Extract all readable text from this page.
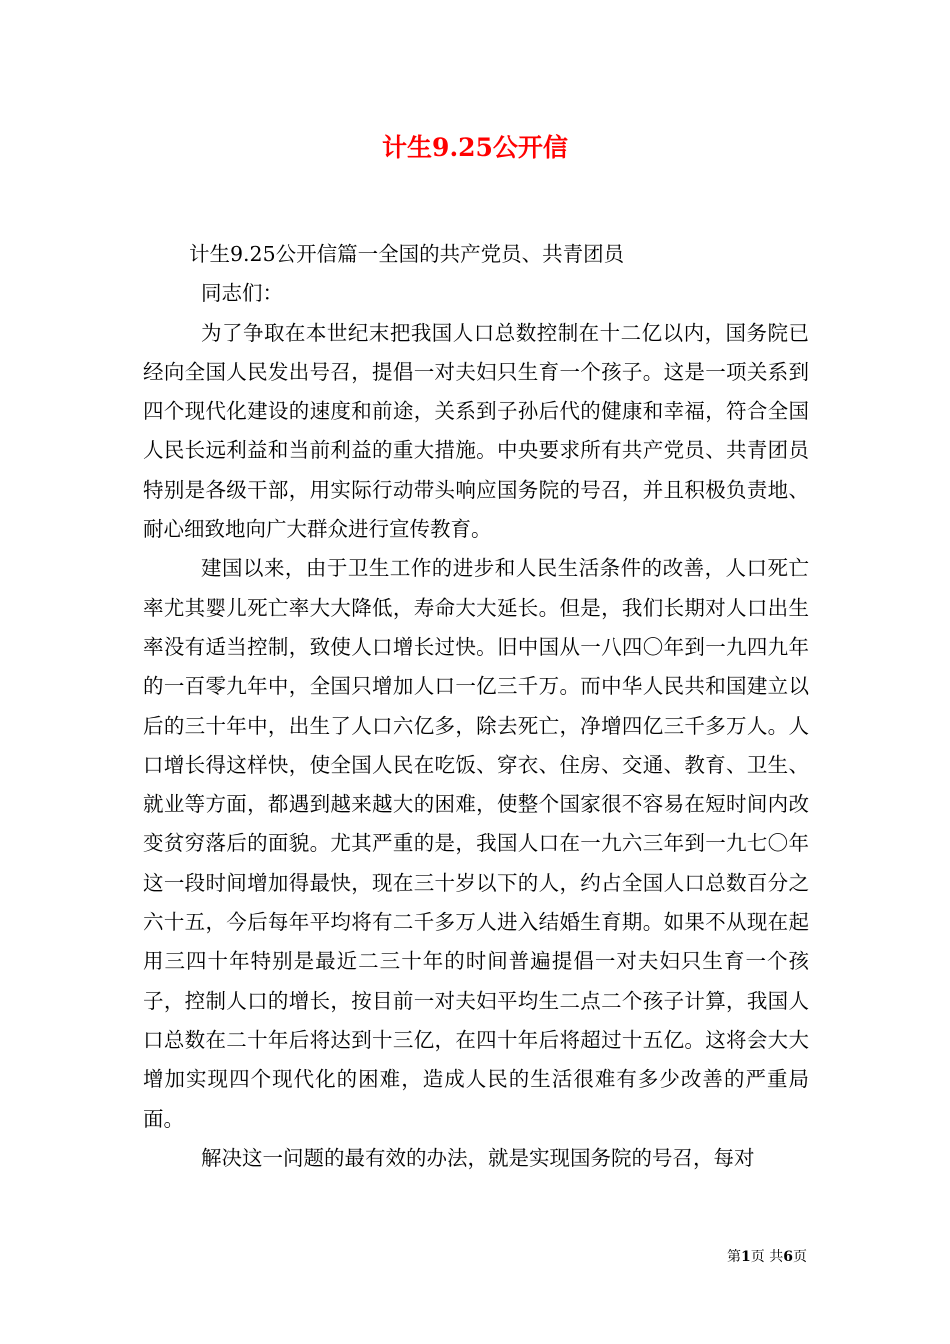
计生9.25公开信

计生9.25公开信篇一全国的共产党员、共青团员

同志们：

为了争取在本世纪末把我国人口总数控制在十二亿以内，国务院已经向全国人民发出号召，提倡一对夫妇只生育一个孩子。这是一项关系到四个现代化建设的速度和前途，关系到子孙后代的健康和幸福，符合全国人民长远利益和当前利益的重大措施。中央要求所有共产党员、共青团员特别是各级干部，用实际行动带头响应国务院的号召，并且积极负责地、耐心细致地向广大群众进行宣传教育。

建国以来，由于卫生工作的进步和人民生活条件的改善，人口死亡率尤其婴儿死亡率大大降低，寿命大大延长。但是，我们长期对人口出生率没有适当控制，致使人口增长过快。旧中国从一八四〇年到一九四九年的一百零九年中，全国只增加人口一亿三千万。而中华人民共和国建立以后的三十年中，出生了人口六亿多，除去死亡，净增四亿三千多万人。人口增长得这样快，使全国人民在吃饭、穿衣、住房、交通、教育、卫生、就业等方面，都遇到越来越大的困难，使整个国家很不容易在短时间内改变贫穷落后的面貌。尤其严重的是，我国人口在一九六三年到一九七〇年这一段时间增加得最快，现在三十岁以下的人，约占全国人口总数百分之六十五，今后每年平均将有二千多万人进入结婚生育期。如果不从现在起用三四十年特别是最近二三十年的时间普遍提倡一对夫妇只生育一个孩子，控制人口的增长，按目前一对夫妇平均生二点二个孩子计算，我国人口总数在二十年后将达到十三亿，在四十年后将超过十五亿。这将会大大增加实现四个现代化的困难，造成人民的生活很难有多少改善的严重局面。

解决这一问题的最有效的办法，就是实现国务院的号召，每对

第1页 共6页
